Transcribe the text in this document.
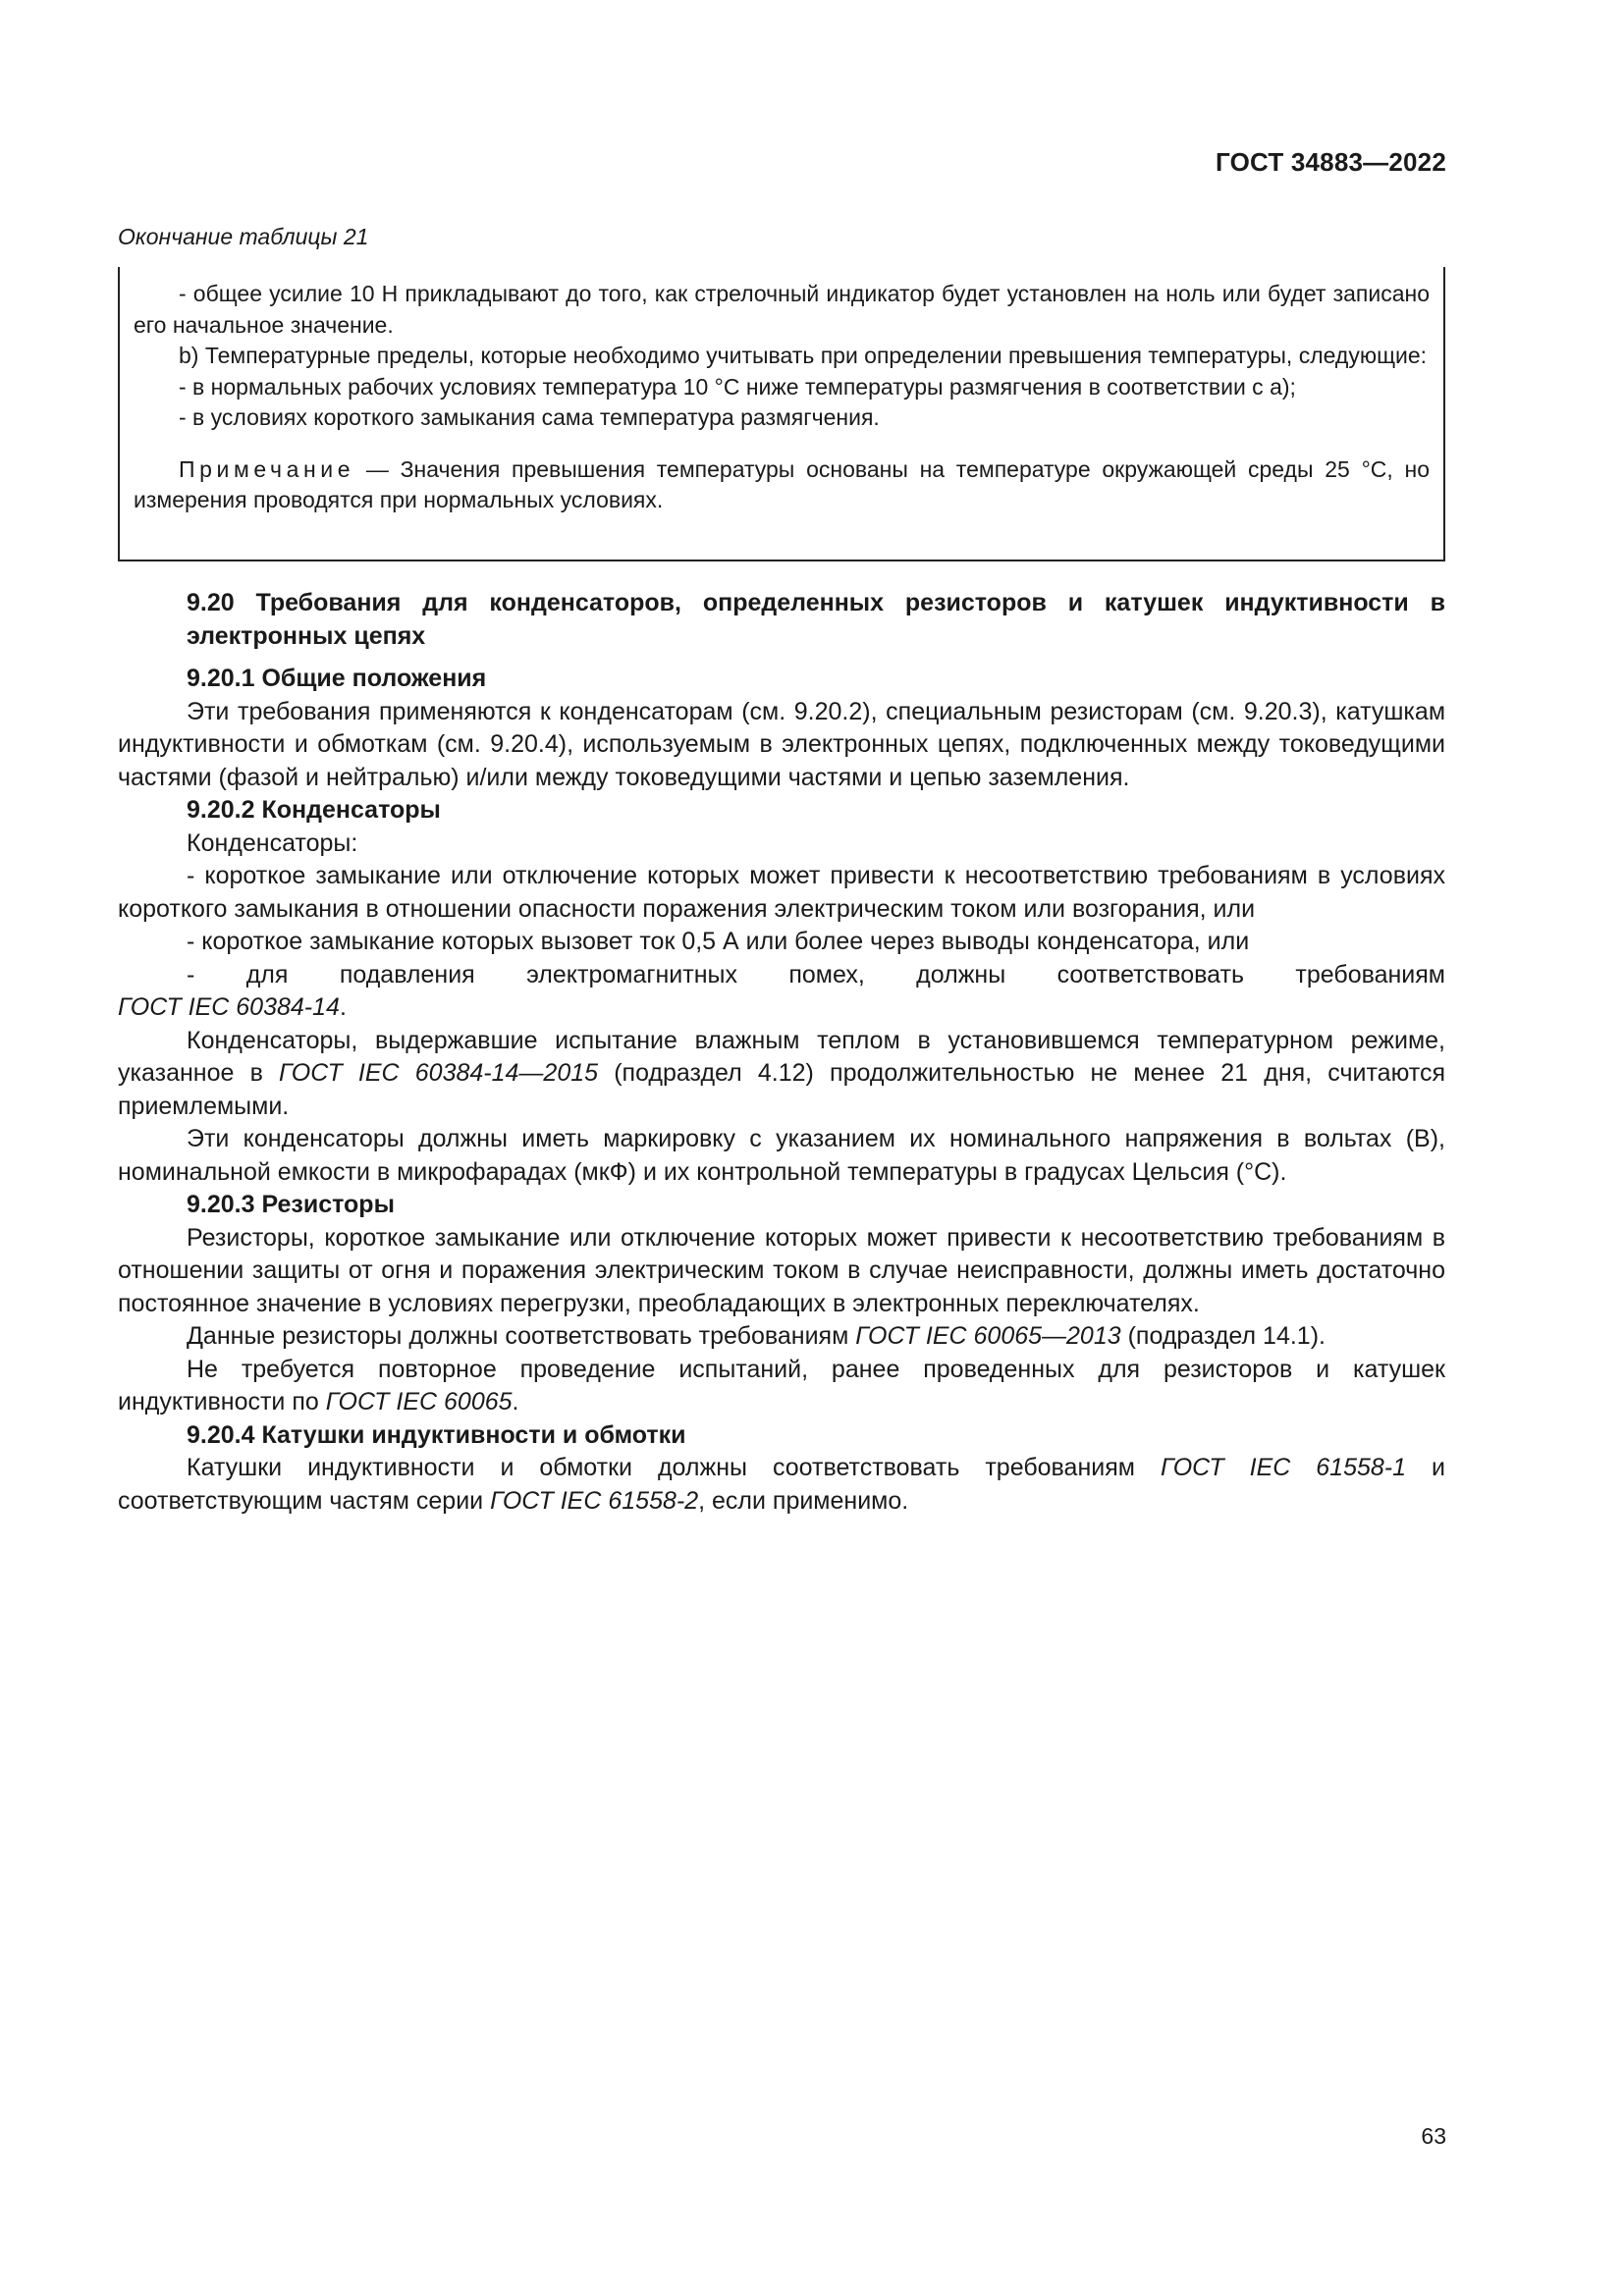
ГОСТ 34883—2022
Окончание таблицы 21

- общее усилие 10 Н прикладывают до того, как стрелочный индикатор будет установлен на ноль или будет записано его начальное значение.

b) Температурные пределы, которые необходимо учитывать при определении превышения температуры, следующие:

- в нормальных рабочих условиях температура 10 °С ниже температуры размягчения в соответствии с a);

- в условиях короткого замыкания сама температура размягчения.

Примечание — Значения превышения температуры основаны на температуре окружающей среды 25 °С, но измерения проводятся при нормальных условиях.

9.20 Требования для конденсаторов, определенных резисторов и катушек индуктивности в электронных цепях

9.20.1 Общие положения

Эти требования применяются к конденсаторам (см. 9.20.2), специальным резисторам (см. 9.20.3), катушкам индуктивности и обмоткам (см. 9.20.4), используемым в электронных цепях, подключенных между токоведущими частями (фазой и нейтралью) и/или между токоведущими частями и цепью заземления.

9.20.2 Конденсаторы

Конденсаторы:

- короткое замыкание или отключение которых может привести к несоответствию требованиям в условиях короткого замыкания в отношении опасности поражения электрическим током или возгорания, или

- короткое замыкание которых вызовет ток 0,5 А или более через выводы конденсатора, или

- для подавления электромагнитных помех, должны соответствовать требованиям

ГОСТ IEC 60384-14.

Конденсаторы, выдержавшие испытание влажным теплом в установившемся температурном режиме, указанное в ГОСТ IEC 60384-14—2015 (подраздел 4.12) продолжительностью не менее 21 дня, считаются приемлемыми.

Эти конденсаторы должны иметь маркировку с указанием их номинального напряжения в вольтах (В), номинальной емкости в микрофарадах (мкФ) и их контрольной температуры в градусах Цельсия (°С).

9.20.3 Резисторы

Резисторы, короткое замыкание или отключение которых может привести к несоответствию требованиям в отношении защиты от огня и поражения электрическим током в случае неисправности, должны иметь достаточно постоянное значение в условиях перегрузки, преобладающих в электронных переключателях.

Данные резисторы должны соответствовать требованиям ГОСТ IEC 60065—2013 (подраздел 14.1).

Не требуется повторное проведение испытаний, ранее проведенных для резисторов и катушек индуктивности по ГОСТ IEC 60065.

9.20.4 Катушки индуктивности и обмотки

Катушки индуктивности и обмотки должны соответствовать требованиям ГОСТ IEC 61558-1 и соответствующим частям серии ГОСТ IEC 61558-2, если применимо.

63
